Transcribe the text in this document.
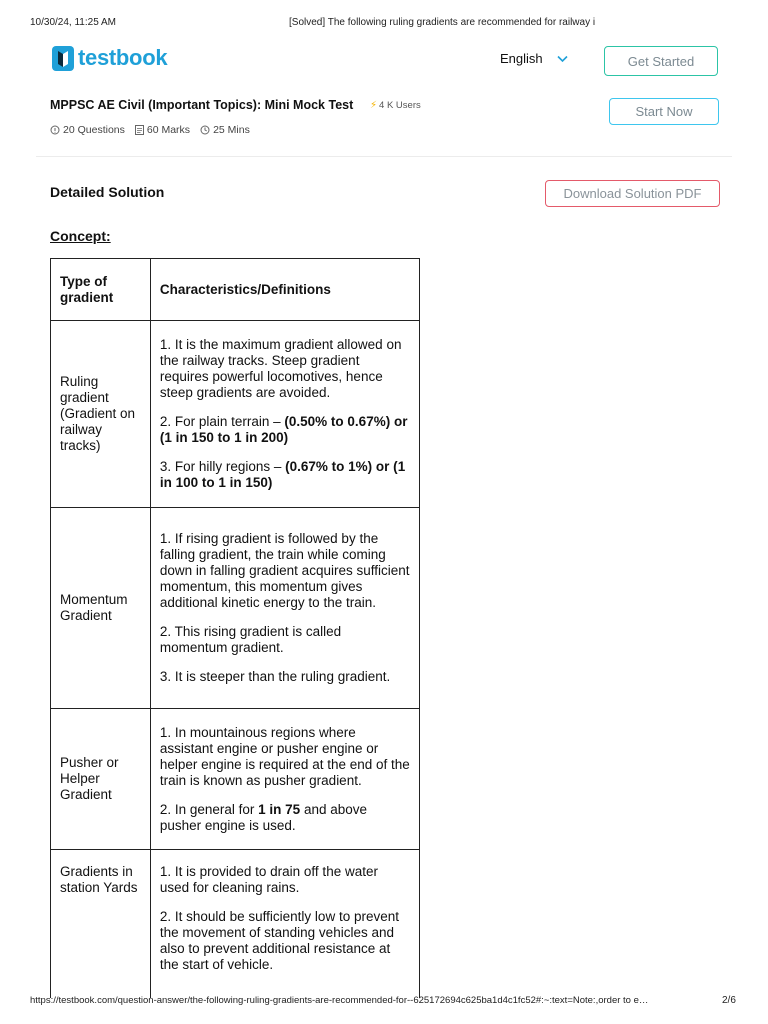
10/30/24, 11:25 AM	[Solved] The following ruling gradients are recommended for railway i
testbook	English	Get Started
MPPSC AE Civil (Important Topics): Mini Mock Test ⚡ 4 K Users
20 Questions 60 Marks 25 Mins
Start Now
Detailed Solution	Download Solution PDF
Concept:
Type of gradient	Characteristics/Definitions
Ruling gradient (Gradient on railway tracks)	1. It is the maximum gradient allowed on the railway tracks. Steep gradient requires powerful locomotives, hence steep gradients are avoided.

2. For plain terrain – (0.50% to 0.67%) or (1 in 150 to 1 in 200)

3. For hilly regions – (0.67% to 1%) or (1 in 100 to 1 in 150)

Momentum Gradient	1. If rising gradient is followed by the falling gradient, the train while coming down in falling gradient acquires sufficient momentum, this momentum gives additional kinetic energy to the train.

2. This rising gradient is called momentum gradient.

3. It is steeper than the ruling gradient.

Pusher or Helper Gradient	1. In mountainous regions where assistant engine or pusher engine or helper engine is required at the end of the train is known as pusher gradient.

2. In general for 1 in 75 and above pusher engine is used.

Gradients in station Yards	1. It is provided to drain off the water used for cleaning rains.

2. It should be sufficiently low to prevent the movement of standing vehicles and also to prevent additional resistance at the start of vehicle.

https://testbook.com/question-answer/the-following-ruling-gradients-are-recommended-for--625172694c625ba1d4c1fc52#:~:text=Note:,order to e…	2/6
